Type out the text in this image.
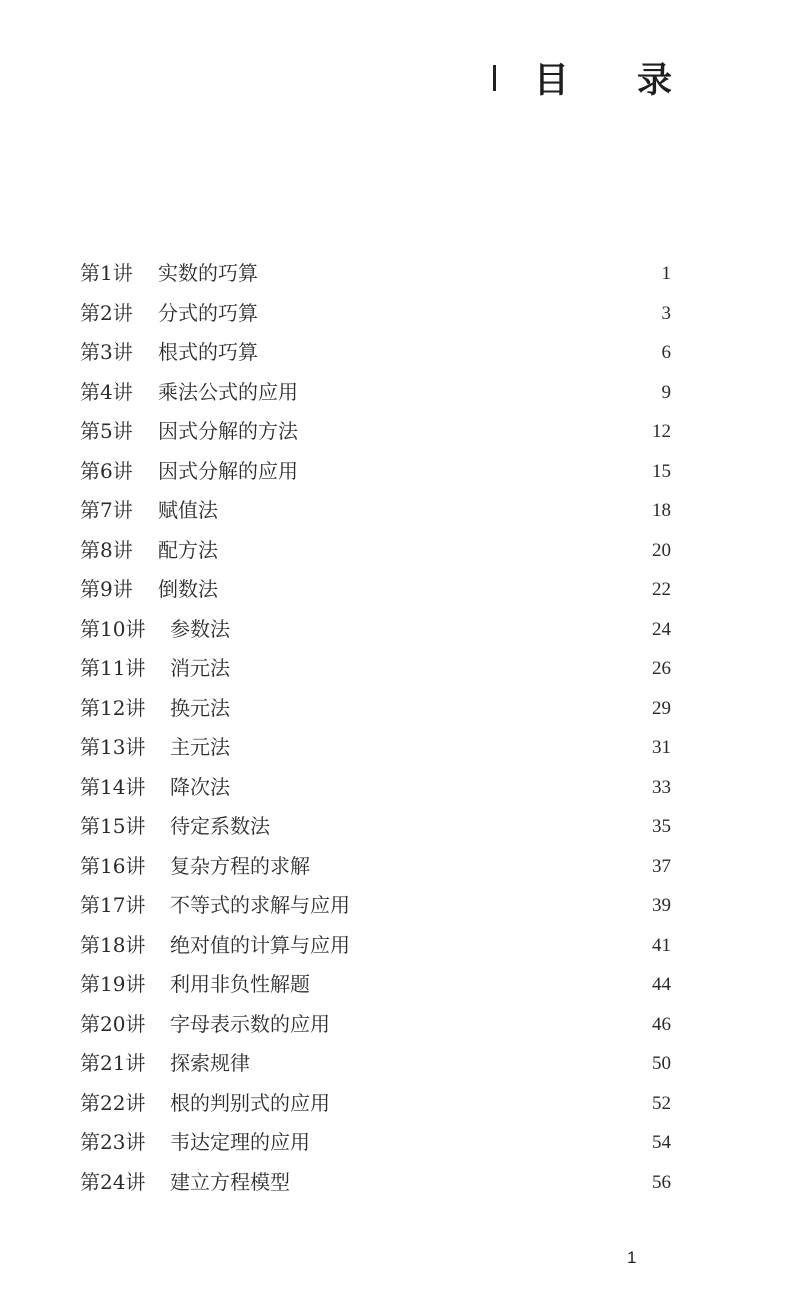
目 录
第1讲 实数的巧算	1
第2讲 分式的巧算	3
第3讲 根式的巧算	6
第4讲 乘法公式的应用	9
第5讲 因式分解的方法	12
第6讲 因式分解的应用	15
第7讲 赋值法	18
第8讲 配方法	20
第9讲 倒数法	22
第10讲 参数法	24
第11讲 消元法	26
第12讲 换元法	29
第13讲 主元法	31
第14讲 降次法	33
第15讲 待定系数法	35
第16讲 复杂方程的求解	37
第17讲 不等式的求解与应用	39
第18讲 绝对值的计算与应用	41
第19讲 利用非负性解题	44
第20讲 字母表示数的应用	46
第21讲 探索规律	50
第22讲 根的判别式的应用	52
第23讲 韦达定理的应用	54
第24讲 建立方程模型	56
1
